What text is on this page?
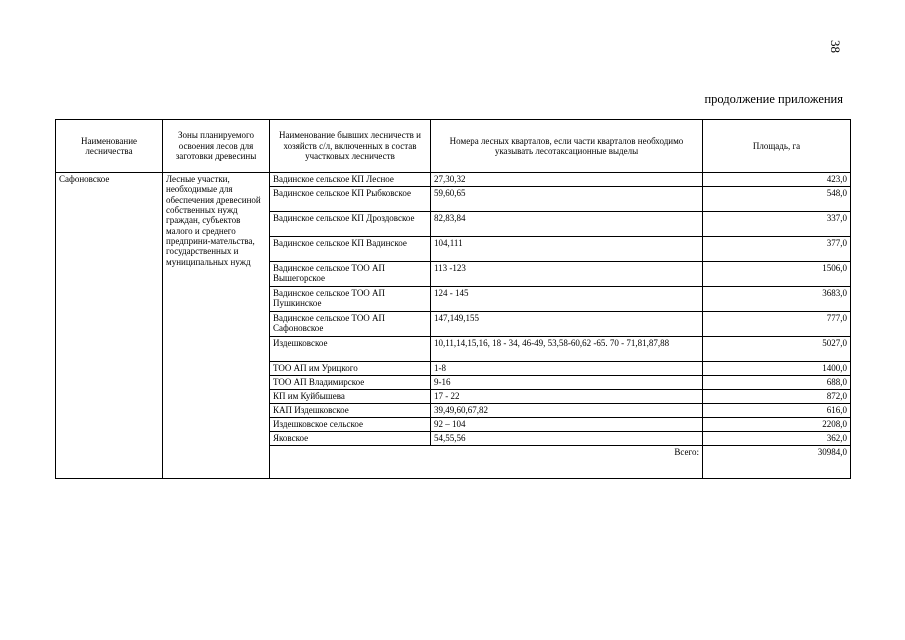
38
продолжение приложения
Наименование лесничества	Зоны планируемого освоения лесов для заготовки древесины	Наименование бывших лесничеств и хозяйств с/л, включенных в состав участковых лесничеств	Номера лесных кварталов, если части кварталов необходимо указывать лесотаксационные выделы	Площадь, га
Сафоновское	Лесные участки, необходимые для обеспечения древесиной собственных нужд граждан, субъектов малого и среднего предприни-мательства, государственных и муниципальных нужд	Вадинское сельское КП Лесное	27,30,32	423,0
		Вадинское сельское КП Рыбковское	59,60,65	548,0
		Вадинское сельское КП Дроздовское	82,83,84	337,0
		Вадинское сельское КП Вадинское	104,111	377,0
		Вадинское сельское ТОО АП Вышегорское	113 -123	1506,0
		Вадинское сельское ТОО АП Пушкинское	124 - 145	3683,0
		Вадинское сельское ТОО АП Сафоновское	147,149,155	777,0
		Издешковское	10,11,14,15,16, 18 - 34, 46-49, 53,58-60,62 -65. 70 - 71,81,87,88	5027,0
		ТОО АП им Урицкого	1-8	1400,0
		ТОО АП Владимирское	9-16	688,0
		КП им Куйбышева	17 - 22	872,0
		КАП Издешковское	39,49,60,67,82	616,0
		Издешковское сельское	92 – 104	2208,0
		Яковское	54,55,56	362,0
		Всего:		30984,0
